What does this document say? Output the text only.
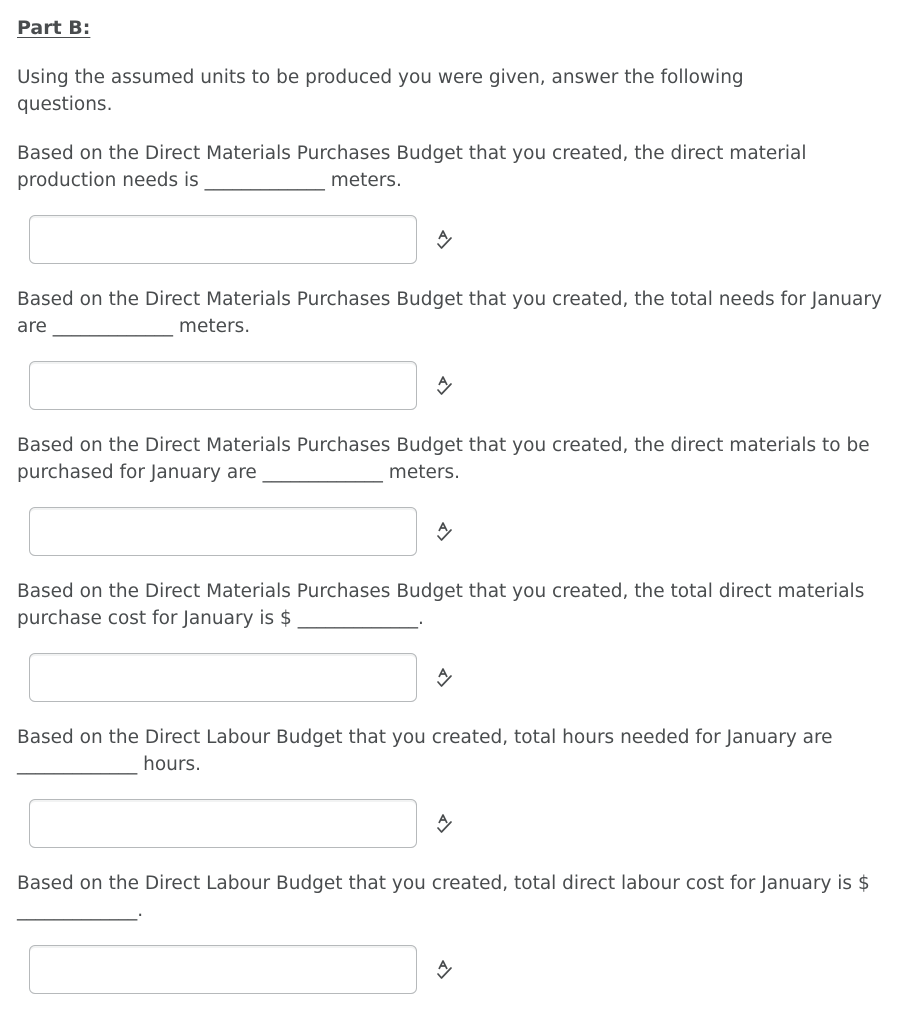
Part B:
Using the assumed units to be produced you were given, answer the following questions.

Based on the Direct Materials Purchases Budget that you created, the direct material production needs is _____________ meters.

Based on the Direct Materials Purchases Budget that you created, the total needs for January are _____________ meters.

Based on the Direct Materials Purchases Budget that you created, the direct materials to be purchased for January are _____________ meters.

Based on the Direct Materials Purchases Budget that you created, the total direct materials purchase cost for January is $ _____________.

Based on the Direct Labour Budget that you created, total hours needed for January are _____________ hours.

Based on the Direct Labour Budget that you created, total direct labour cost for January is $ _____________.
